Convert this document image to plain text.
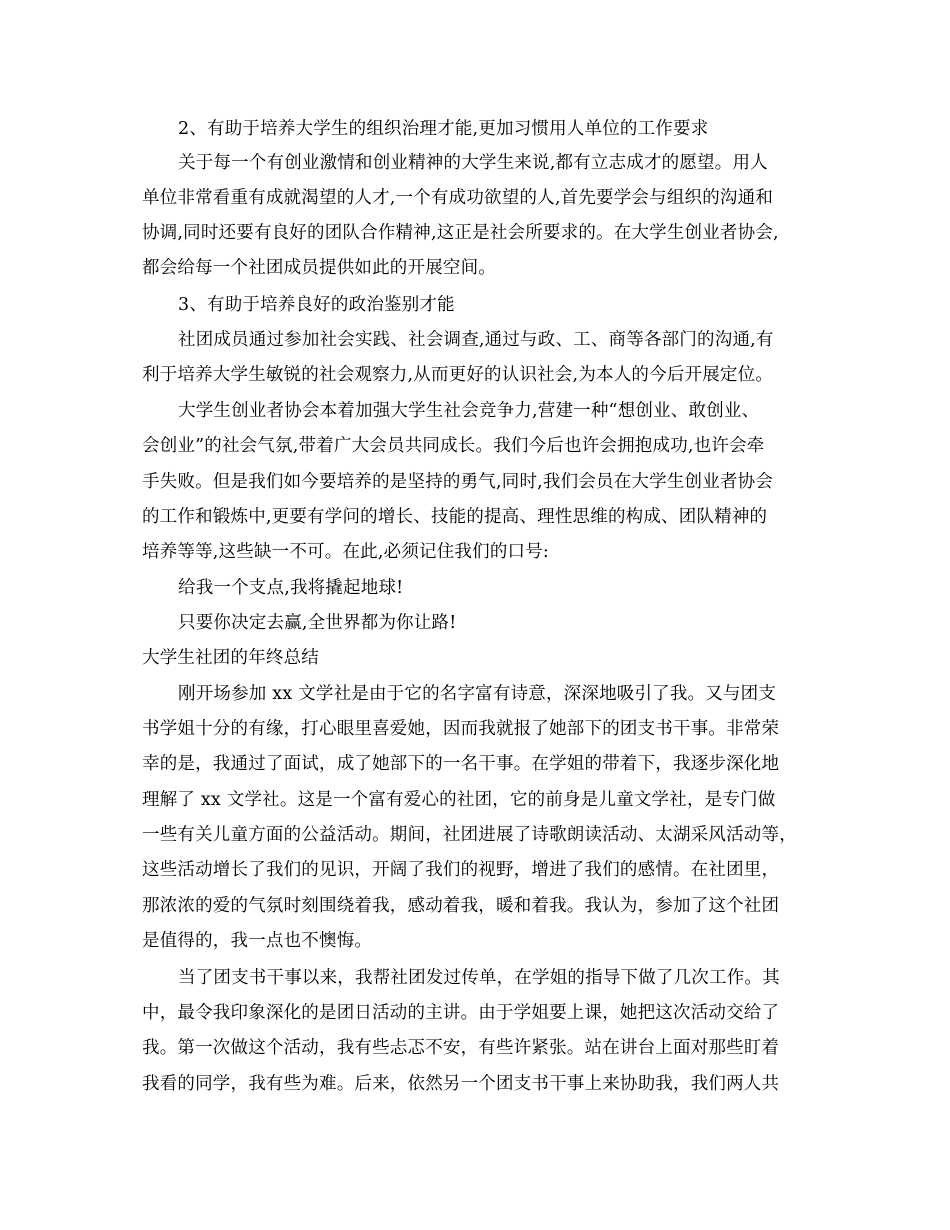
2、有助于培养大学生的组织治理才能,更加习惯用人单位的工作要求
关于每一个有创业激情和创业精神的大学生来说,都有立志成才的愿望。用人
单位非常看重有成就渴望的人才,一个有成功欲望的人,首先要学会与组织的沟通和
协调,同时还要有良好的团队合作精神,这正是社会所要求的。在大学生创业者协会,
都会给每一个社团成员提供如此的开展空间。
3、有助于培养良好的政治鉴别才能
社团成员通过参加社会实践、社会调查,通过与政、工、商等各部门的沟通,有
利于培养大学生敏锐的社会观察力,从而更好的认识社会,为本人的今后开展定位。
大学生创业者协会本着加强大学生社会竞争力,营建一种“想创业、敢创业、
会创业”的社会气氛,带着广大会员共同成长。我们今后也许会拥抱成功,也许会牵
手失败。但是我们如今要培养的是坚持的勇气,同时,我们会员在大学生创业者协会
的工作和锻炼中,更要有学问的增长、技能的提高、理性思维的构成、团队精神的
培养等等,这些缺一不可。在此,必须记住我们的口号:
给我一个支点,我将撬起地球!
只要你决定去赢,全世界都为你让路!
大学生社团的年终总结
刚开场参加 xx 文学社是由于它的名字富有诗意，深深地吸引了我。又与团支
书学姐十分的有缘，打心眼里喜爱她，因而我就报了她部下的团支书干事。非常荣
幸的是，我通过了面试，成了她部下的一名干事。在学姐的带着下，我逐步深化地
理解了 xx 文学社。这是一个富有爱心的社团，它的前身是儿童文学社，是专门做
一些有关儿童方面的公益活动。期间，社团进展了诗歌朗读活动、太湖采风活动等，
这些活动增长了我们的见识，开阔了我们的视野，增进了我们的感情。在社团里，
那浓浓的爱的气氛时刻围绕着我，感动着我，暖和着我。我认为，参加了这个社团
是值得的，我一点也不懊悔。
当了团支书干事以来，我帮社团发过传单，在学姐的指导下做了几次工作。其
中，最令我印象深化的是团日活动的主讲。由于学姐要上课，她把这次活动交给了
我。第一次做这个活动，我有些忐忑不安，有些许紧张。站在讲台上面对那些盯着
我看的同学，我有些为难。后来，依然另一个团支书干事上来协助我，我们两人共
